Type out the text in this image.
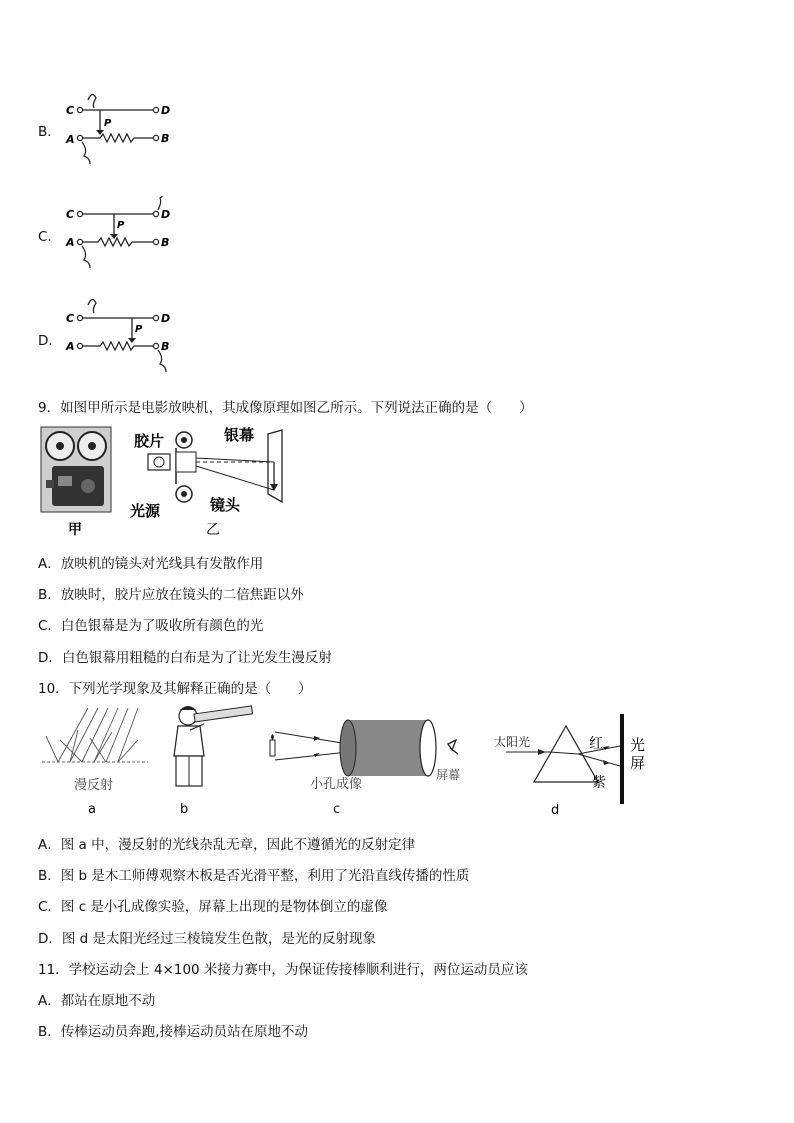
B．
C	D
P
A	B
C．
C	D
P
A	B
D．
C	D
P
A	B
9．如图甲所示是电影放映机，其成像原理如图乙所示。下列说法正确的是（　　）
甲
胶片	银幕
光源	镜头
乙
A．放映机的镜头对光线具有发散作用
B．放映时，胶片应放在镜头的二倍焦距以外
C．白色银幕是为了吸收所有颜色的光
D．白色银幕用粗糙的白布是为了让光发生漫反射
10．下列光学现象及其解释正确的是（　　）
漫反射
a	b
小孔成像
屏幕
c
太阳光	红
紫
光
屏
d
A．图 a 中，漫反射的光线杂乱无章，因此不遵循光的反射定律
B．图 b 是木工师傅观察木板是否光滑平整，利用了光沿直线传播的性质
C．图 c 是小孔成像实验，屏幕上出现的是物体倒立的虚像
D．图 d 是太阳光经过三棱镜发生色散，是光的反射现象
11．学校运动会上 4×100 米接力赛中，为保证传接棒顺利进行，两位运动员应该
A．都站在原地不动
B．传棒运动员奔跑,接棒运动员站在原地不动
